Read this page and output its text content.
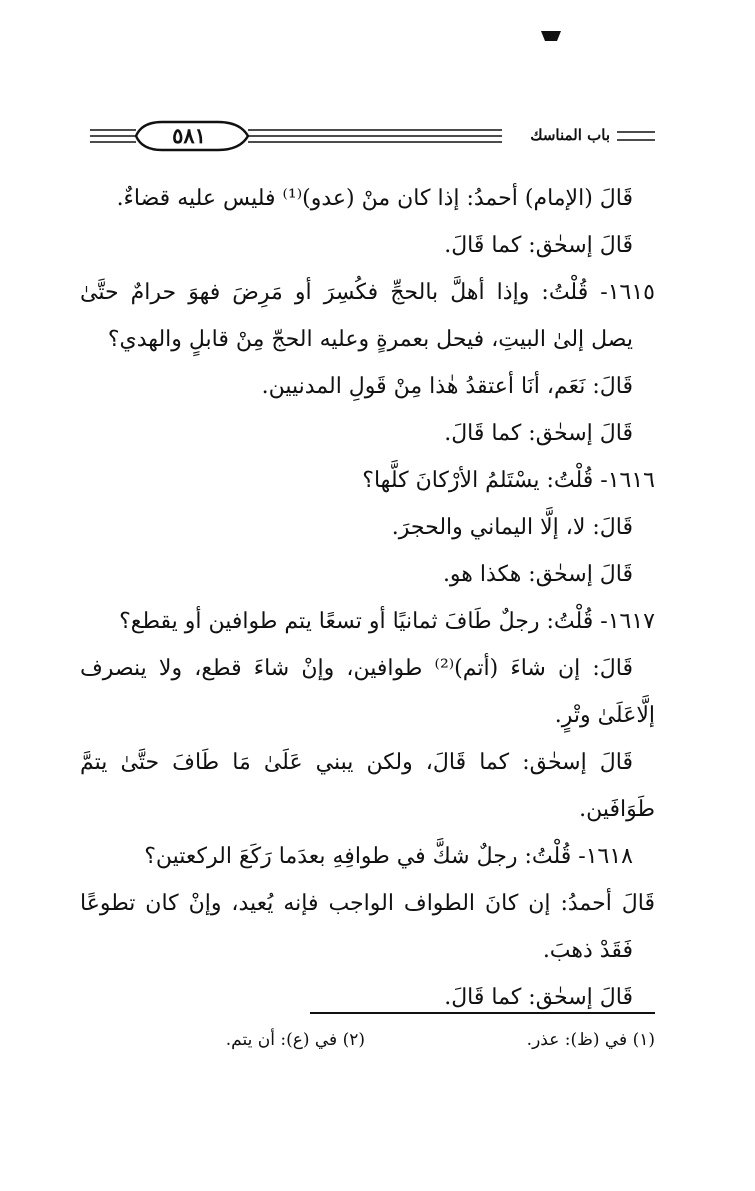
٥٨١	باب المناسك
قَالَ (الإمام) أحمدُ: إذا كان منْ (عدو)⁽¹⁾ فليس عليه قضاءٌ.
قَالَ إسحٰق: كما قَالَ.
١٦١٥- قُلْتُ: وإذا أهلَّ بالحجِّ فكُسِرَ أو مَرِضَ فهوَ حرامٌ حتَّىٰ
يصل إلىٰ البيتِ، فيحل بعمرةٍ وعليه الحجّ مِنْ قابلٍ والهدي؟
قَالَ: نَعَم، أنَا أعتقدُ هٰذا مِنْ قَولِ المدنيين.
قَالَ إسحٰق: كما قَالَ.
١٦١٦- قُلْتُ: يسْتَلمُ الأرْكانَ كلَّها؟
قَالَ: لا، إلَّا اليماني والحجرَ.
قَالَ إسحٰق: هكذا هو.
١٦١٧- قُلْتُ: رجلٌ طَافَ ثمانيًا أو تسعًا يتم طوافين أو يقطع؟
قَالَ: إن شاءَ (أتم)⁽²⁾ طوافين، وإنْ شاءَ قطع، ولا ينصرف
إلَّاعَلَىٰ وتْرٍ.
قَالَ إسحٰق: كما قَالَ، ولكن يبني عَلَىٰ مَا طَافَ حتَّىٰ يتمَّ
طَوَافَين.
١٦١٨- قُلْتُ: رجلٌ شكَّ في طوافِهِ بعدَما رَكَعَ الركعتين؟
قَالَ أحمدُ: إن كانَ الطواف الواجب فإنه يُعيد، وإنْ كان تطوعًا
فَقَدْ ذهبَ.
قَالَ إسحٰق: كما قَالَ.
(١) في (ظ): عذر.
(٢) في (ع): أن يتم.
